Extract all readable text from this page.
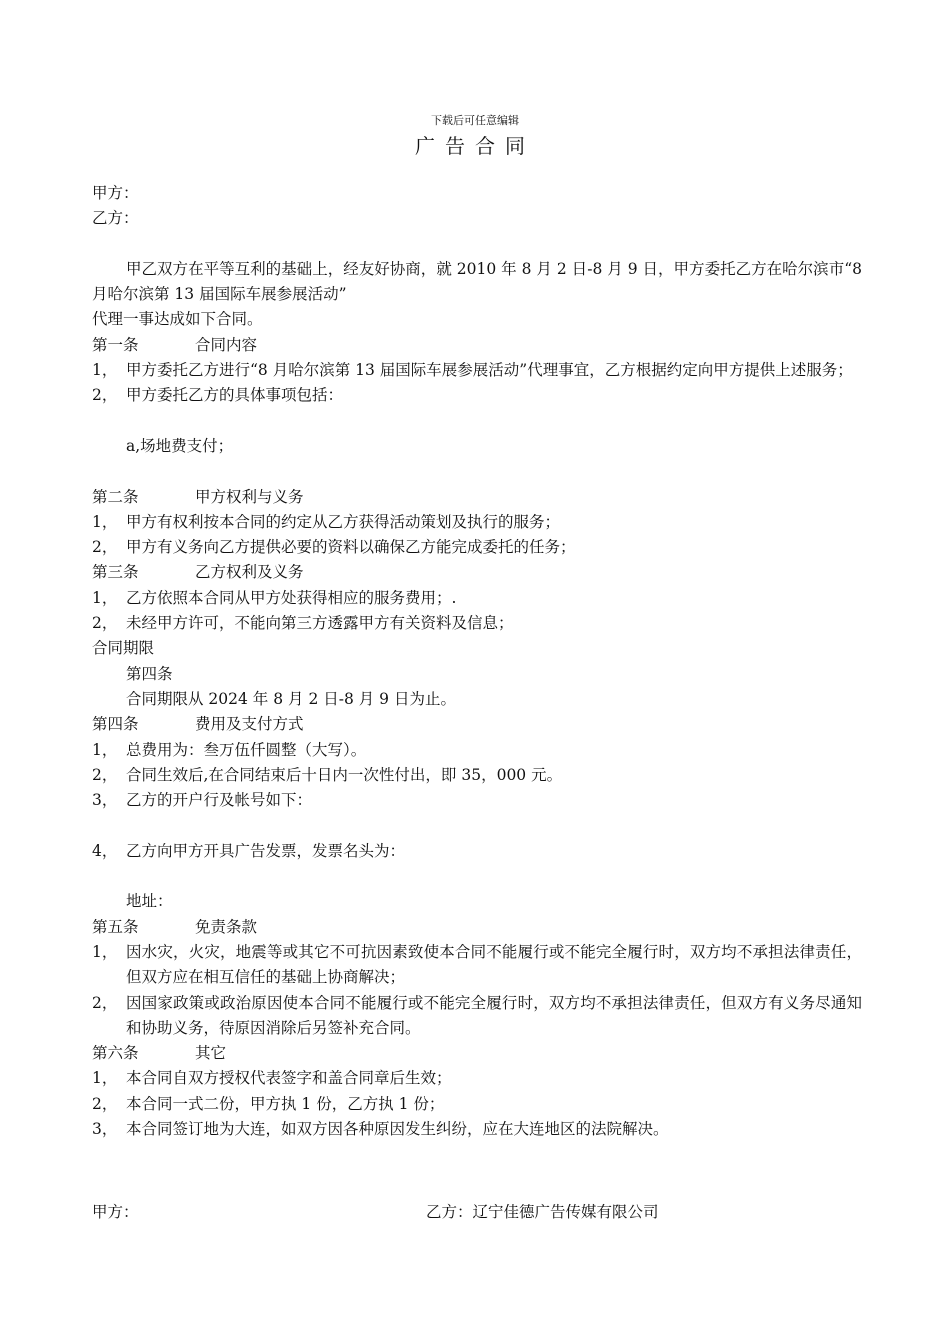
下载后可任意编辑
广告合同
甲方：
乙方：
甲乙双方在平等互利的基础上，经友好协商，就 2010 年 8 月 2 日-8 月 9 日，甲方委托乙方在哈尔滨市“8 月哈尔滨第 13 届国际车展参展活动”
代理一事达成如下合同。
第一条	合同内容
1， 甲方委托乙方进行“8 月哈尔滨第 13 届国际车展参展活动”代理事宜，乙方根据约定向甲方提供上述服务；
2， 甲方委托乙方的具体事项包括：
a,场地费支付；
第二条	甲方权利与义务
1， 甲方有权利按本合同的约定从乙方获得活动策划及执行的服务；
2， 甲方有义务向乙方提供必要的资料以确保乙方能完成委托的任务；
第三条	乙方权利及义务
1， 乙方依照本合同从甲方处获得相应的服务费用；.
2， 未经甲方许可，不能向第三方透露甲方有关资料及信息；
合同期限
第四条
合同期限从 2024 年 8 月 2 日-8 月 9 日为止。
第四条	费用及支付方式
1， 总费用为：叁万伍仟圆整（大写）。
2， 合同生效后,在合同结束后十日内一次性付出，即 35，000 元。
3， 乙方的开户行及帐号如下：
4， 乙方向甲方开具广告发票，发票名头为：
地址：
第五条	免责条款
1， 因水灾，火灾，地震等或其它不可抗因素致使本合同不能履行或不能完全履行时，双方均不承担法律责任，但双方应在相互信任的基础上协商解决；
2， 因国家政策或政治原因使本合同不能履行或不能完全履行时，双方均不承担法律责任，但双方有义务尽通知和协助义务，待原因消除后另签补充合同。
第六条	其它
1， 本合同自双方授权代表签字和盖合同章后生效；
2， 本合同一式二份，甲方执 1 份，乙方执 1 份；
3， 本合同签订地为大连，如双方因各种原因发生纠纷，应在大连地区的法院解决。
甲方：	乙方：辽宁佳德广告传媒有限公司
